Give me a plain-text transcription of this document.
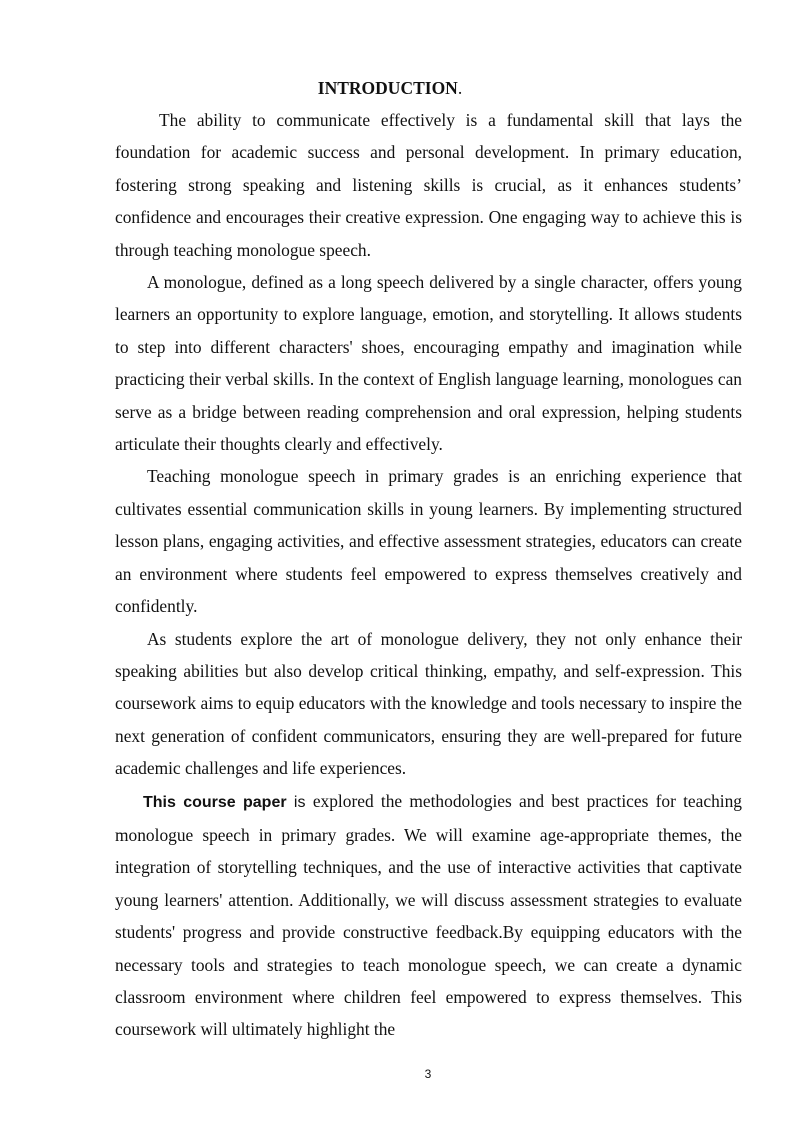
INTRODUCTION.

The ability to communicate effectively is a fundamental skill that lays the foundation for academic success and personal development. In primary education, fostering strong speaking and listening skills is crucial, as it enhances students’ confidence and encourages their creative expression. One engaging way to achieve this is through teaching monologue speech.

A monologue, defined as a long speech delivered by a single character, offers young learners an opportunity to explore language, emotion, and storytelling. It allows students to step into different characters' shoes, encouraging empathy and imagination while practicing their verbal skills. In the context of English language learning, monologues can serve as a bridge between reading comprehension and oral expression, helping students articulate their thoughts clearly and effectively.

Teaching monologue speech in primary grades is an enriching experience that cultivates essential communication skills in young learners. By implementing structured lesson plans, engaging activities, and effective assessment strategies, educators can create an environment where students feel empowered to express themselves creatively and confidently.

As students explore the art of monologue delivery, they not only enhance their speaking abilities but also develop critical thinking, empathy, and self-expression. This coursework aims to equip educators with the knowledge and tools necessary to inspire the next generation of confident communicators, ensuring they are well-prepared for future academic challenges and life experiences.

This course paper is explored the methodologies and best practices for teaching monologue speech in primary grades. We will examine age-appropriate themes, the integration of storytelling techniques, and the use of interactive activities that captivate young learners' attention. Additionally, we will discuss assessment strategies to evaluate students' progress and provide constructive feedback.By equipping educators with the necessary tools and strategies to teach monologue speech, we can create a dynamic classroom environment where children feel empowered to express themselves. This coursework will ultimately highlight the

3
